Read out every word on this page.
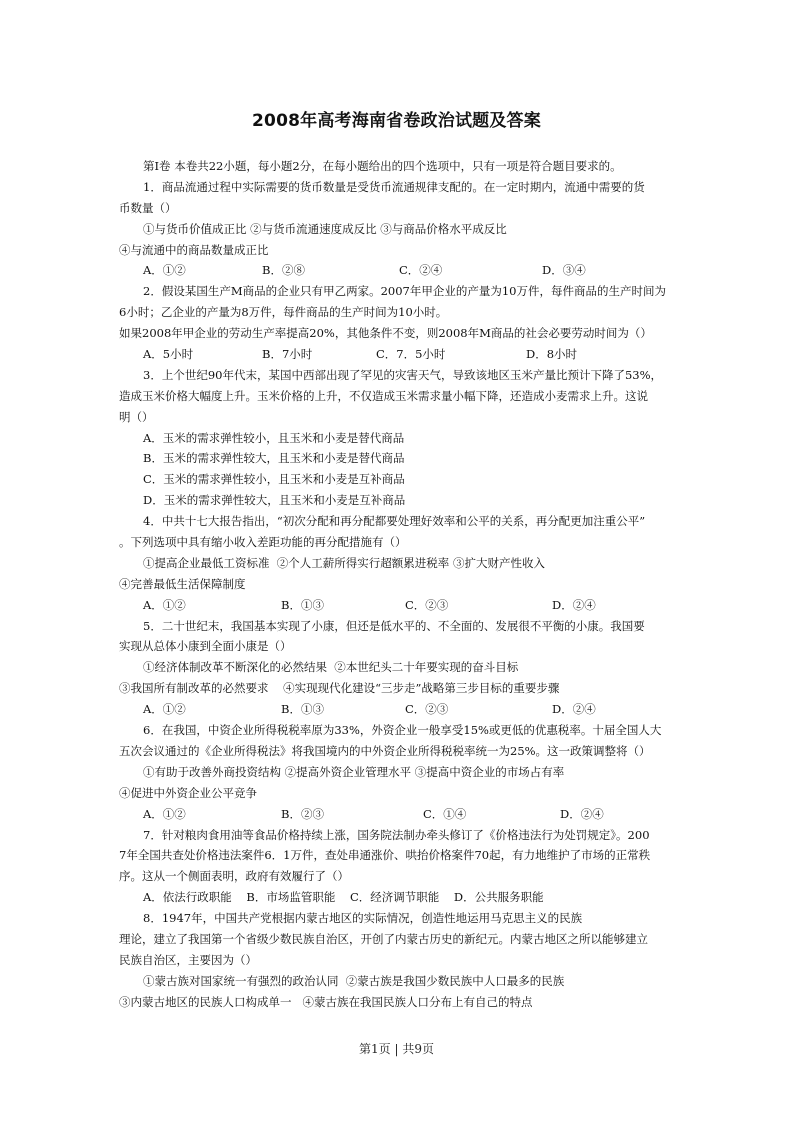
2008年高考海南省卷政治试题及答案
第Ⅰ卷 本卷共22小题，每小题2分，在每小题给出的四个选项中，只有一项是符合题目要求的。
1．商品流通过程中实际需要的货币数量是受货币流通规律支配的。在一定时期内，流通中需要的货
币数量（）
①与货币价值成正比 ②与货币流通速度成反比 ③与商品价格水平成反比
④与流通中的商品数量成正比
A．①②	B．②⑧	C．②④	D．③④
2．假设某国生产M商品的企业只有甲乙两家。2007年甲企业的产量为10万件，每件商品的生产时间为
6小时；乙企业的产量为8万件，每件商品的生产时间为10小时。
如果2008年甲企业的劳动生产率提高20%，其他条件不变，则2008年M商品的社会必要劳动时间为（）
A．5小时	B．7小时	C．7．5小时	D．8小时
3．上个世纪90年代末，某国中西部出现了罕见的灾害天气，导致该地区玉米产量比预计下降了53%，
造成玉米价格大幅度上升。玉米价格的上升，不仅造成玉米需求量小幅下降，还造成小麦需求上升。这说
明（）
A．玉米的需求弹性较小，且玉米和小麦是替代商品
B．玉米的需求弹性较大，且玉米和小麦是替代商品
C．玉米的需求弹性较小，且玉米和小麦是互补商品
D．玉米的需求弹性较大，且玉米和小麦是互补商品
4．中共十七大报告指出，“初次分配和再分配都要处理好效率和公平的关系，再分配更加注重公平”
。下列选项中具有缩小收入差距功能的再分配措施有（）
①提高企业最低工资标准  ②个人工薪所得实行超额累进税率 ③扩大财产性收入
④完善最低生活保障制度
A．①②	B．①③	C．②③	D．②④
5．二十世纪末，我国基本实现了小康，但还是低水平的、不全面的、发展很不平衡的小康。我国要
实现从总体小康到全面小康是（）
①经济体制改革不断深化的必然结果  ②本世纪头二十年要实现的奋斗目标
③我国所有制改革的必然要求    ④实现现代化建设“三步走”战略第三步目标的重要步骤
A．①②	B．①③	C．②③	D．②④
6．在我国，中资企业所得税税率原为33%，外资企业一般享受15%或更低的优惠税率。十届全国人大
五次会议通过的《企业所得税法》将我国境内的中外资企业所得税税率统一为25%。这一政策调整将（）
①有助于改善外商投资结构 ②提高外资企业管理水平 ③提高中资企业的市场占有率
④促进中外资企业公平竞争
A．①②	B．②③	C．①④	D．②④
7．针对粮肉食用油等食品价格持续上涨，国务院法制办牵头修订了《价格违法行为处罚规定》。200
7年全国共查处价格违法案件6．1万件，查处串通涨价、哄抬价格案件70起，有力地维护了市场的正常秩
序。这从一个侧面表明，政府有效履行了（）
A．依法行政职能    B．市场监管职能    C．经济调节职能    D．公共服务职能
8．1947年，中国共产党根据内蒙古地区的实际情况，创造性地运用马克思主义的民族
理论，建立了我国第一个省级少数民族自治区，开创了内蒙古历史的新纪元。内蒙古地区之所以能够建立
民族自治区，主要因为（）
①蒙古族对国家统一有强烈的政治认同  ②蒙古族是我国少数民族中人口最多的民族
③内蒙古地区的民族人口构成单一   ④蒙古族在我国民族人口分布上有自己的特点
第1页 | 共9页
